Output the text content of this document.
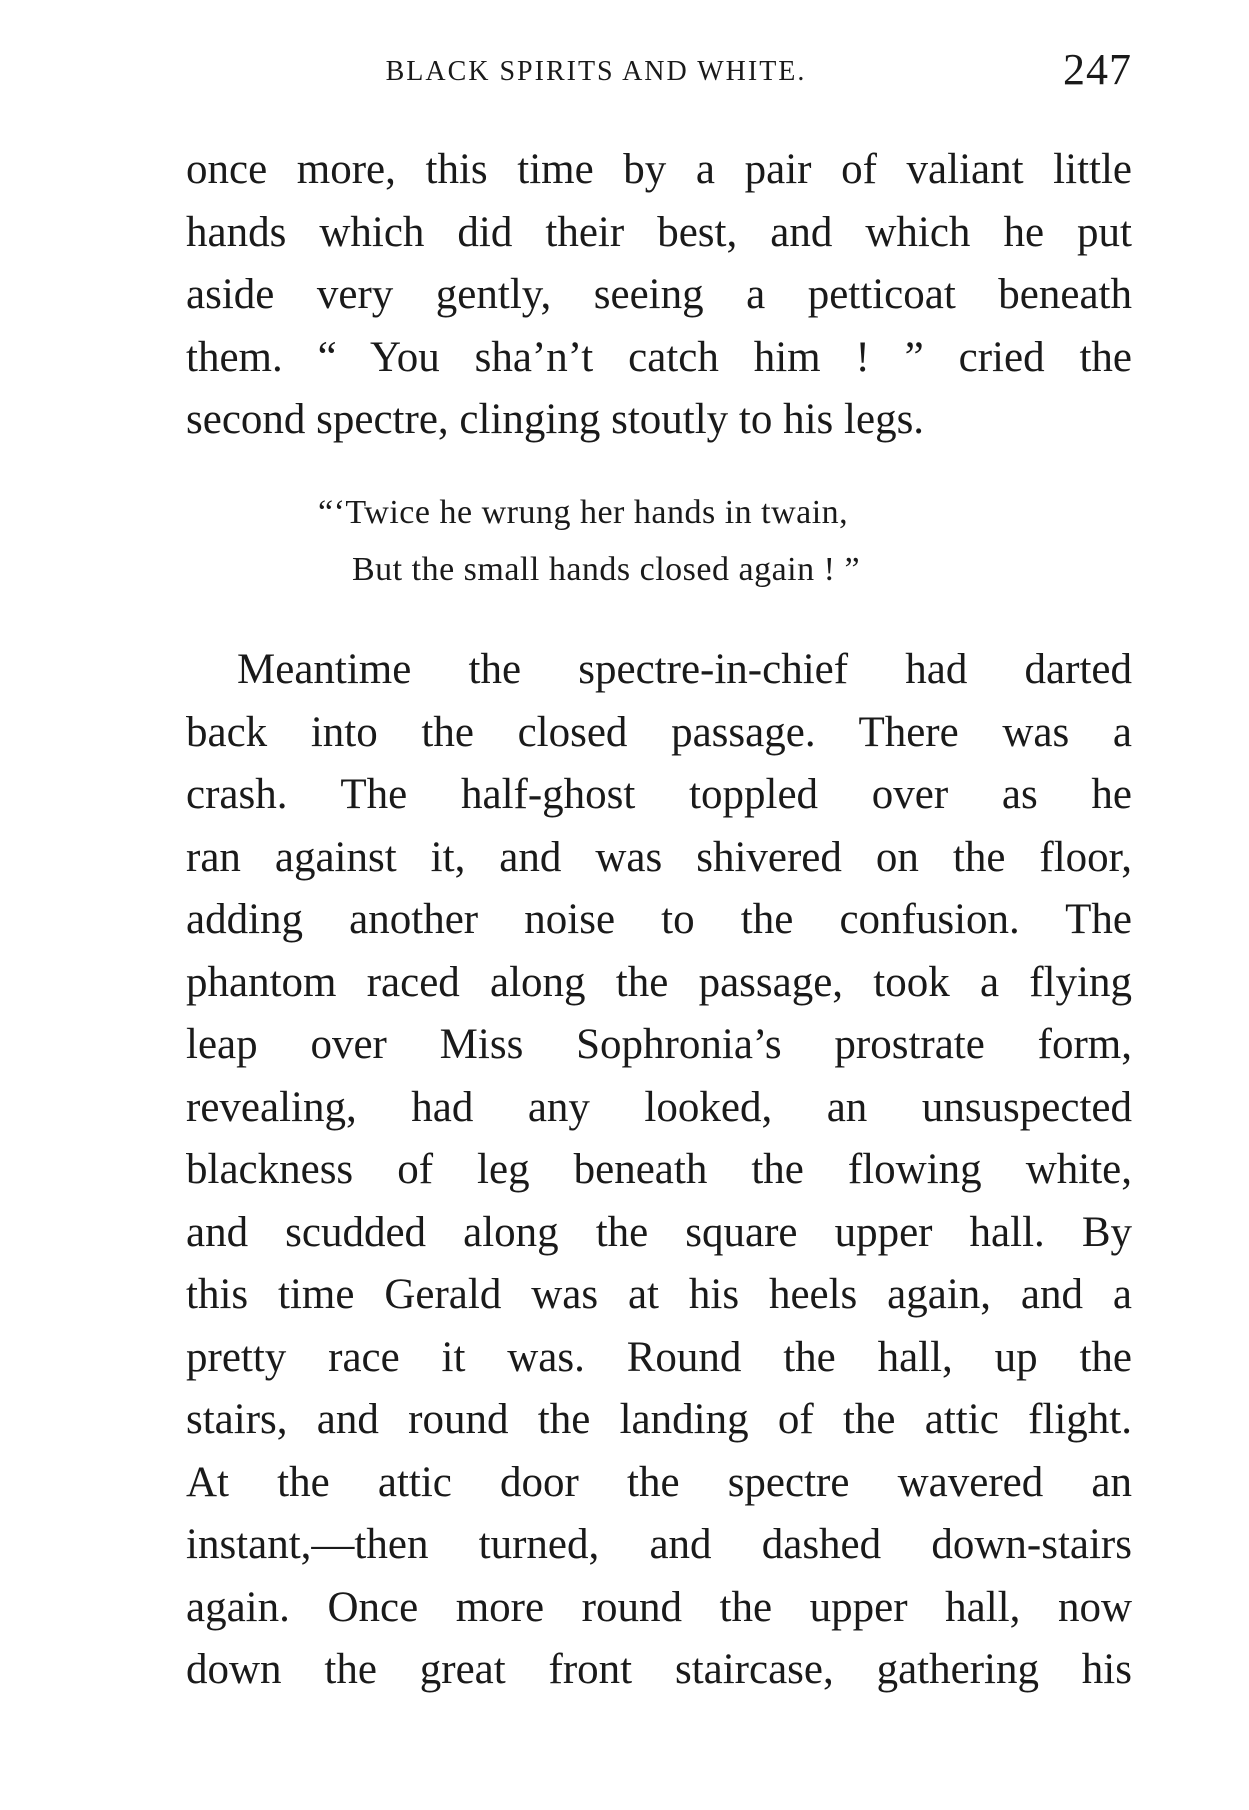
BLACK SPIRITS AND WHITE.	247
once more, this time by a pair of valiant little
hands which did their best, and which he put
aside very gently, seeing a petticoat beneath
them. “ You sha’n’t catch him ! ” cried the
second spectre, clinging stoutly to his legs.
“‘Twice he wrung her hands in twain,
But the small hands closed again ! ”
Meantime the spectre-in-chief had darted
back into the closed passage. There was a
crash. The half-ghost toppled over as he
ran against it, and was shivered on the floor,
adding another noise to the confusion. The
phantom raced along the passage, took a flying
leap over Miss Sophronia’s prostrate form,
revealing, had any looked, an unsuspected
blackness of leg beneath the flowing white,
and scudded along the square upper hall. By
this time Gerald was at his heels again, and a
pretty race it was. Round the hall, up the
stairs, and round the landing of the attic flight.
At the attic door the spectre wavered an
instant,—then turned, and dashed down-stairs
again. Once more round the upper hall, now
down the great front staircase, gathering his
